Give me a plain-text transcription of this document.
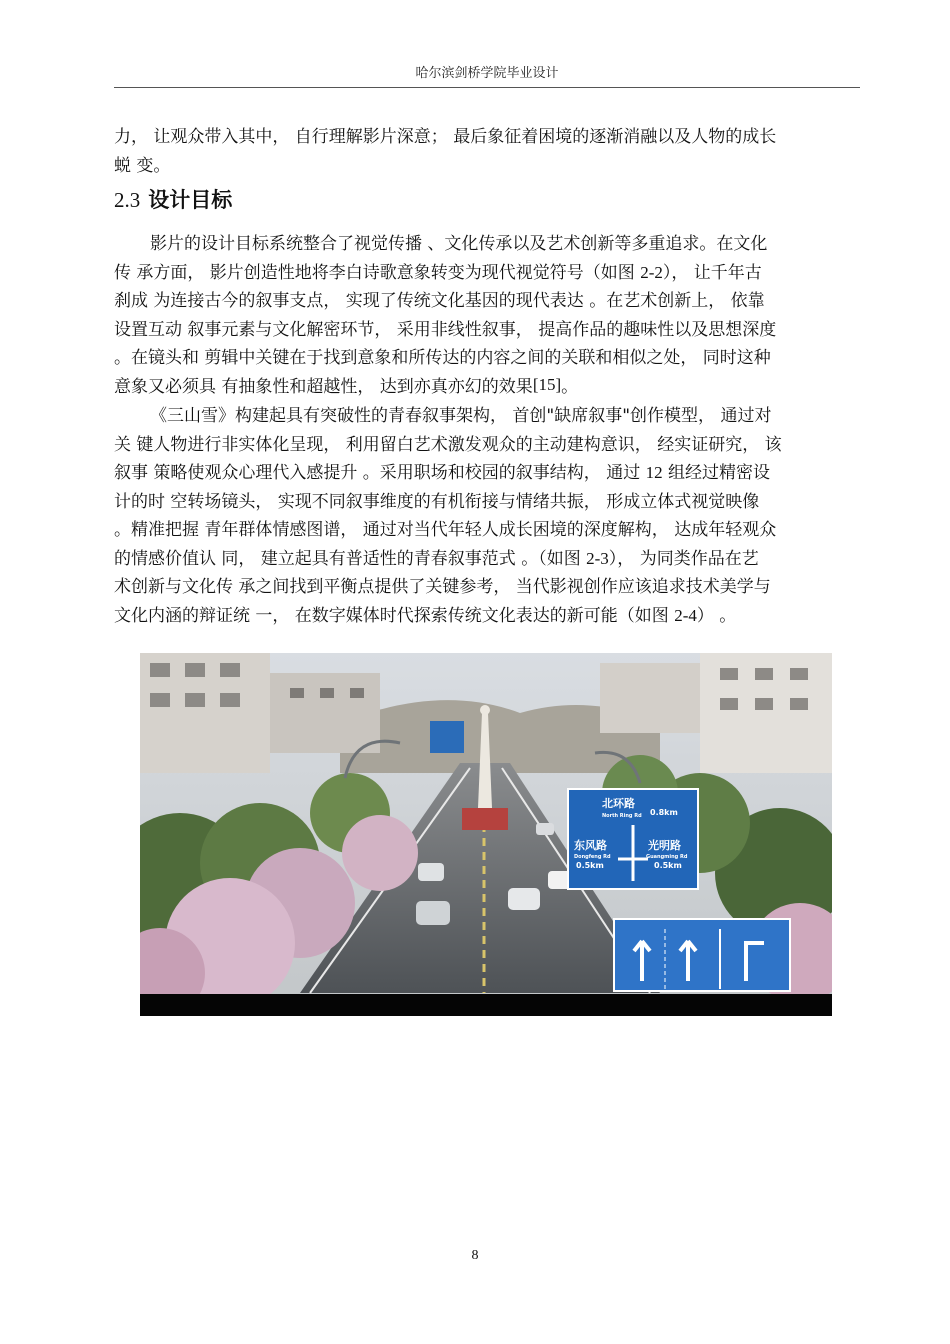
哈尔滨剑桥学院毕业设计

力， 让观众带入其中， 自行理解影片深意； 最后象征着困境的逐渐消融以及人物的成长
蜕 变。

2.3 设计目标

影片的设计目标系统整合了视觉传播 、文化传承以及艺术创新等多重追求。在文化
传 承方面， 影片创造性地将李白诗歌意象转变为现代视觉符号（如图 2-2）， 让千年古
刹成 为连接古今的叙事支点， 实现了传统文化基因的现代表达 。在艺术创新上， 依靠
设置互动 叙事元素与文化解密环节， 采用非线性叙事， 提高作品的趣味性以及思想深度
。在镜头和 剪辑中关键在于找到意象和所传达的内容之间的关联和相似之处， 同时这种
意象又必须具 有抽象性和超越性， 达到亦真亦幻的效果[15]。

《三山雪》构建起具有突破性的青春叙事架构， 首创"缺席叙事"创作模型， 通过对
关 键人物进行非实体化呈现， 利用留白艺术激发观众的主动建构意识， 经实证研究， 该
叙事 策略使观众心理代入感提升 。采用职场和校园的叙事结构， 通过 12 组经过精密设
计的时 空转场镜头， 实现不同叙事维度的有机衔接与情绪共振， 形成立体式视觉映像
。精准把握 青年群体情感图谱， 通过对当代年轻人成长困境的深度解构， 达成年轻观众
的情感价值认 同， 建立起具有普适性的青春叙事范式 。（如图 2-3）， 为同类作品在艺
术创新与文化传 承之间找到平衡点提供了关键参考， 当代影视创作应该追求技术美学与
文化内涵的辩证统 一， 在数字媒体时代探索传统文化表达的新可能（如图 2-4） 。

北环路
North Ring Rd 0.8km
东风路
Dongfeng Rd
0.5km
光明路
Guangming Rd
0.5km
8
